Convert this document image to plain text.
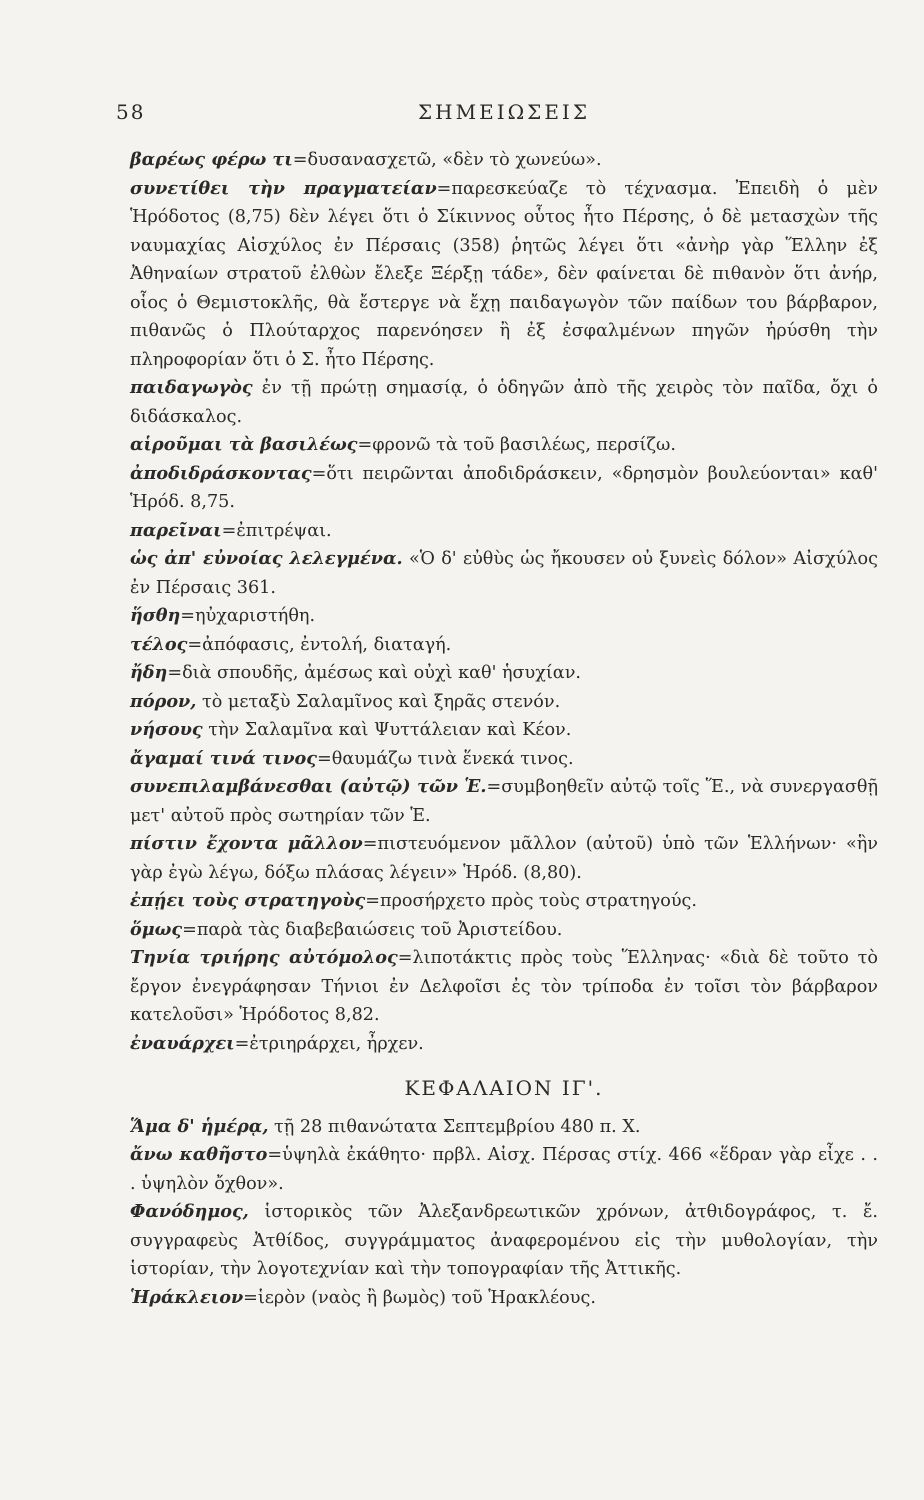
58	ΣΗΜΕΙΩΣΕΙΣ

βαρέως φέρω τι=δυσανασχετῶ, «δὲν τὸ χωνεύω».

συνετίθει τὴν πραγματείαν=παρεσκεύαζε τὸ τέχνασμα. Ἐπειδὴ ὁ μὲν Ἡρόδοτος (8,75) δὲν λέγει ὅτι ὁ Σίκιννος οὗτος ἦτο Πέρσης, ὁ δὲ μετασχὼν τῆς ναυμαχίας Αἰσχύλος ἐν Πέρσαις (358) ῥητῶς λέγει ὅτι «ἀνὴρ γὰρ Ἕλλην ἐξ Ἀθηναίων στρατοῦ ἐλθὼν ἔλεξε Ξέρξῃ τάδε», δὲν φαίνεται δὲ πιθανὸν ὅτι ἀνήρ, οἷος ὁ Θεμιστοκλῆς, θὰ ἔστεργε νὰ ἔχῃ παιδαγωγὸν τῶν παίδων του βάρβαρον, πιθανῶς ὁ Πλούταρχος παρενόησεν ἢ ἐξ ἐσφαλμένων πηγῶν ἠρύσθη τὴν πληροφορίαν ὅτι ὁ Σ. ἦτο Πέρσης.

παιδαγωγὸς ἐν τῇ πρώτῃ σημασίᾳ, ὁ ὁδηγῶν ἀπὸ τῆς χειρὸς τὸν παῖδα, ὄχι ὁ διδάσκαλος.

αἱροῦμαι τὰ βασιλέως=φρονῶ τὰ τοῦ βασιλέως, περσίζω.

ἀποδιδράσκοντας=ὅτι πειρῶνται ἀποδιδράσκειν, «δρησμὸν βουλεύονται» καθ' Ἡρόδ. 8,75.

παρεῖναι=ἐπιτρέψαι.

ὡς ἀπ' εὐνοίας λελεγμένα. «Ὁ δ' εὐθὺς ὡς ἤκουσεν οὐ ξυνεὶς δόλον» Αἰσχύλος ἐν Πέρσαις 361.

ἥσθη=ηὐχαριστήθη.

τέλος=ἀπόφασις, ἐντολή, διαταγή.

ἤδη=διὰ σπουδῆς, ἀμέσως καὶ οὐχὶ καθ' ἡσυχίαν.

πόρον, τὸ μεταξὺ Σαλαμῖνος καὶ ξηρᾶς στενόν.

νήσους τὴν Σαλαμῖνα καὶ Ψυττάλειαν καὶ Κέον.

ἄγαμαί τινά τινος=θαυμάζω τινὰ ἕνεκά τινος.

συνεπιλαμβάνεσθαι (αὐτῷ) τῶν Ἑ.=συμβοηθεῖν αὐτῷ τοῖς Ἕ., νὰ συνεργασθῇ μετ' αὐτοῦ πρὸς σωτηρίαν τῶν Ἑ.

πίστιν ἔχοντα μᾶλλον=πιστευόμενον μᾶλλον (αὐτοῦ) ὑπὸ τῶν Ἑλλήνων· «ἣν γὰρ ἐγὼ λέγω, δόξω πλάσας λέγειν» Ἡρόδ. (8,80).

ἐπῄει τοὺς στρατηγοὺς=προσήρχετο πρὸς τοὺς στρατηγούς.

ὅμως=παρὰ τὰς διαβεβαιώσεις τοῦ Ἀριστείδου.

Τηνία τριήρης αὐτόμολος=λιποτάκτις πρὸς τοὺς Ἕλληνας· «διὰ δὲ τοῦτο τὸ ἔργον ἐνεγράφησαν Τήνιοι ἐν Δελφοῖσι ἐς τὸν τρίποδα ἐν τοῖσι τὸν βάρβαρον κατελοῦσι» Ἡρόδοτος 8,82.

ἐναυάρχει=ἐτριηράρχει, ἦρχεν.

ΚΕΦΑΛΑΙΟΝ ΙΓ'.

Ἅμα δ' ἡμέρᾳ, τῇ 28 πιθανώτατα Σεπτεμβρίου 480 π. Χ.

ἄνω καθῆστο=ὑψηλὰ ἐκάθητο· πρβλ. Αἰσχ. Πέρσας στίχ. 466 «ἕδραν γὰρ εἶχε . . . ὑψηλὸν ὄχθον».

Φανόδημος, ἱστορικὸς τῶν Ἀλεξανδρεωτικῶν χρόνων, ἀτθιδογράφος, τ. ἔ. συγγραφεὺς Ἀτθίδος, συγγράμματος ἀναφερομένου εἰς τὴν μυθολογίαν, τὴν ἱστορίαν, τὴν λογοτεχνίαν καὶ τὴν τοπογραφίαν τῆς Ἀττικῆς.

Ἡράκλειον=ἱερὸν (ναὸς ἢ βωμὸς) τοῦ Ἡρακλέους.
